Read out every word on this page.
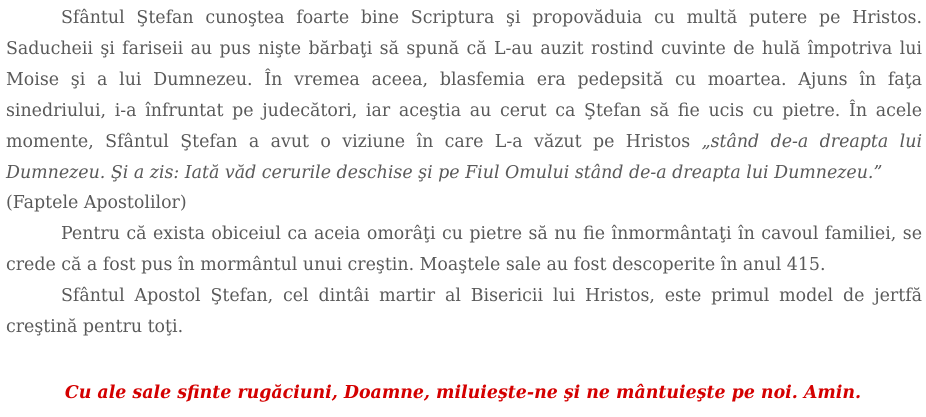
Sfântul Ştefan cunoştea foarte bine Scriptura şi propovăduia cu multă putere pe Hristos. Saducheii şi fariseii au pus nişte bărbaţi să spună că L-au auzit rostind cuvinte de hulă împotriva lui Moise şi a lui Dumnezeu. În vremea aceea, blasfemia era pedepsită cu moartea. Ajuns în faţa sinedriului, i-a înfruntat pe judecători, iar aceştia au cerut ca Ştefan să fie ucis cu pietre. În acele momente, Sfântul Ştefan a avut o viziune în care L-a văzut pe Hristos „stând de-a dreapta lui Dumnezeu. Şi a zis: Iată văd cerurile deschise şi pe Fiul Omului stând de-a dreapta lui Dumnezeu.”

(Faptele Apostolilor)

Pentru că exista obiceiul ca aceia omorâţi cu pietre să nu fie înmormântaţi în cavoul familiei, se crede că a fost pus în mormântul unui creştin. Moaştele sale au fost descoperite în anul 415.

Sfântul Apostol Ştefan, cel dintâi martir al Bisericii lui Hristos, este primul model de jertfă creştină pentru toţi.

Cu ale sale sfinte rugăciuni, Doamne, miluieşte-ne şi ne mântuieşte pe noi. Amin.
